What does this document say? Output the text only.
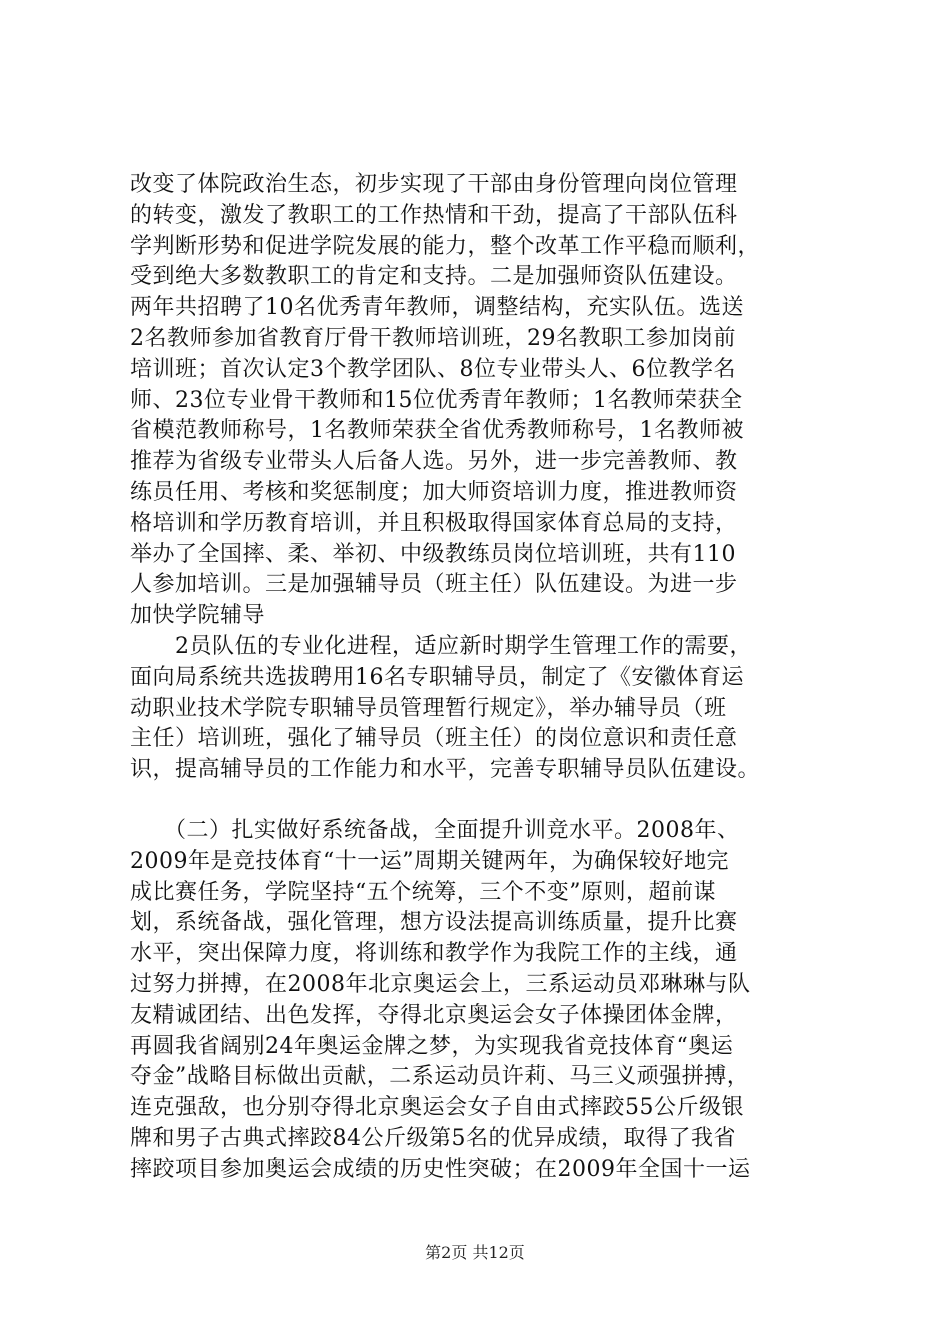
改变了体院政治生态，初步实现了干部由身份管理向岗位管理
的转变，激发了教职工的工作热情和干劲，提高了干部队伍科
学判断形势和促进学院发展的能力，整个改革工作平稳而顺利，
受到绝大多数教职工的肯定和支持。二是加强师资队伍建设。
两年共招聘了10名优秀青年教师，调整结构，充实队伍。选送
2名教师参加省教育厅骨干教师培训班，29名教职工参加岗前
培训班；首次认定3个教学团队、8位专业带头人、6位教学名
师、23位专业骨干教师和15位优秀青年教师；1名教师荣获全
省模范教师称号，1名教师荣获全省优秀教师称号，1名教师被
推荐为省级专业带头人后备人选。另外，进一步完善教师、教
练员任用、考核和奖惩制度；加大师资培训力度，推进教师资
格培训和学历教育培训，并且积极取得国家体育总局的支持，
举办了全国摔、柔、举初、中级教练员岗位培训班，共有110
人参加培训。三是加强辅导员（班主任）队伍建设。为进一步
加快学院辅导
　　2员队伍的专业化进程，适应新时期学生管理工作的需要，
面向局系统共选拔聘用16名专职辅导员，制定了《安徽体育运
动职业技术学院专职辅导员管理暂行规定》，举办辅导员（班
主任）培训班，强化了辅导员（班主任）的岗位意识和责任意
识，提高辅导员的工作能力和水平，完善专职辅导员队伍建设。
　　（二）扎实做好系统备战，全面提升训竞水平。2008年、
2009年是竞技体育“十一运”周期关键两年，为确保较好地完
成比赛任务，学院坚持“五个统筹，三个不变”原则，超前谋
划，系统备战，强化管理，想方设法提高训练质量，提升比赛
水平，突出保障力度，将训练和教学作为我院工作的主线，通
过努力拼搏，在2008年北京奥运会上，三系运动员邓琳琳与队
友精诚团结、出色发挥，夺得北京奥运会女子体操团体金牌，
再圆我省阔别24年奥运金牌之梦，为实现我省竞技体育“奥运
夺金”战略目标做出贡献，二系运动员许莉、马三义顽强拼搏，
连克强敌，也分别夺得北京奥运会女子自由式摔跤55公斤级银
牌和男子古典式摔跤84公斤级第5名的优异成绩，取得了我省
摔跤项目参加奥运会成绩的历史性突破；在2009年全国十一运
第2页 共12页
